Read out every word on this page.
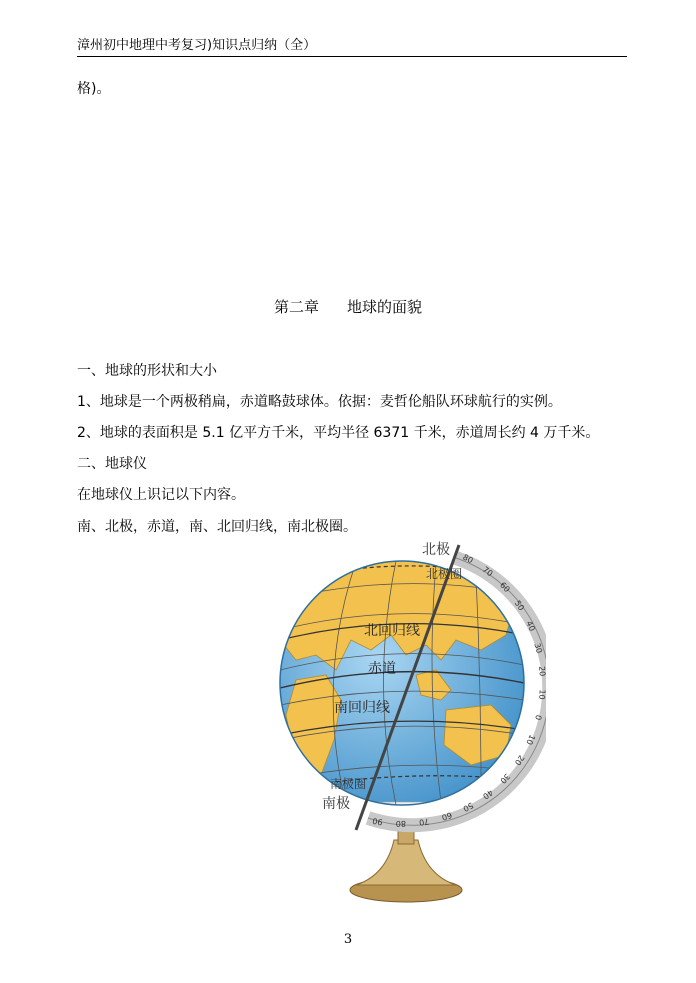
漳州初中地理中考复习)知识点归纳（全）
格)。
第二章 地球的面貌
一、地球的形状和大小
1、地球是一个两极稍扁，赤道略鼓球体。依据：麦哲伦船队环球航行的实例。
2、地球的表面积是 5.1 亿平方千米，平均半径 6371 千米，赤道周长约 4 万千米。
二、地球仪
在地球仪上识记以下内容。
南、北极，赤道，南、北回归线，南北极圈。
80
70
60
50
40
30
20
10
0
10
20
30
40
50
60
70
80
90
北极
北极圈
北回归线
赤道
南回归线
南极圈
南极
3
